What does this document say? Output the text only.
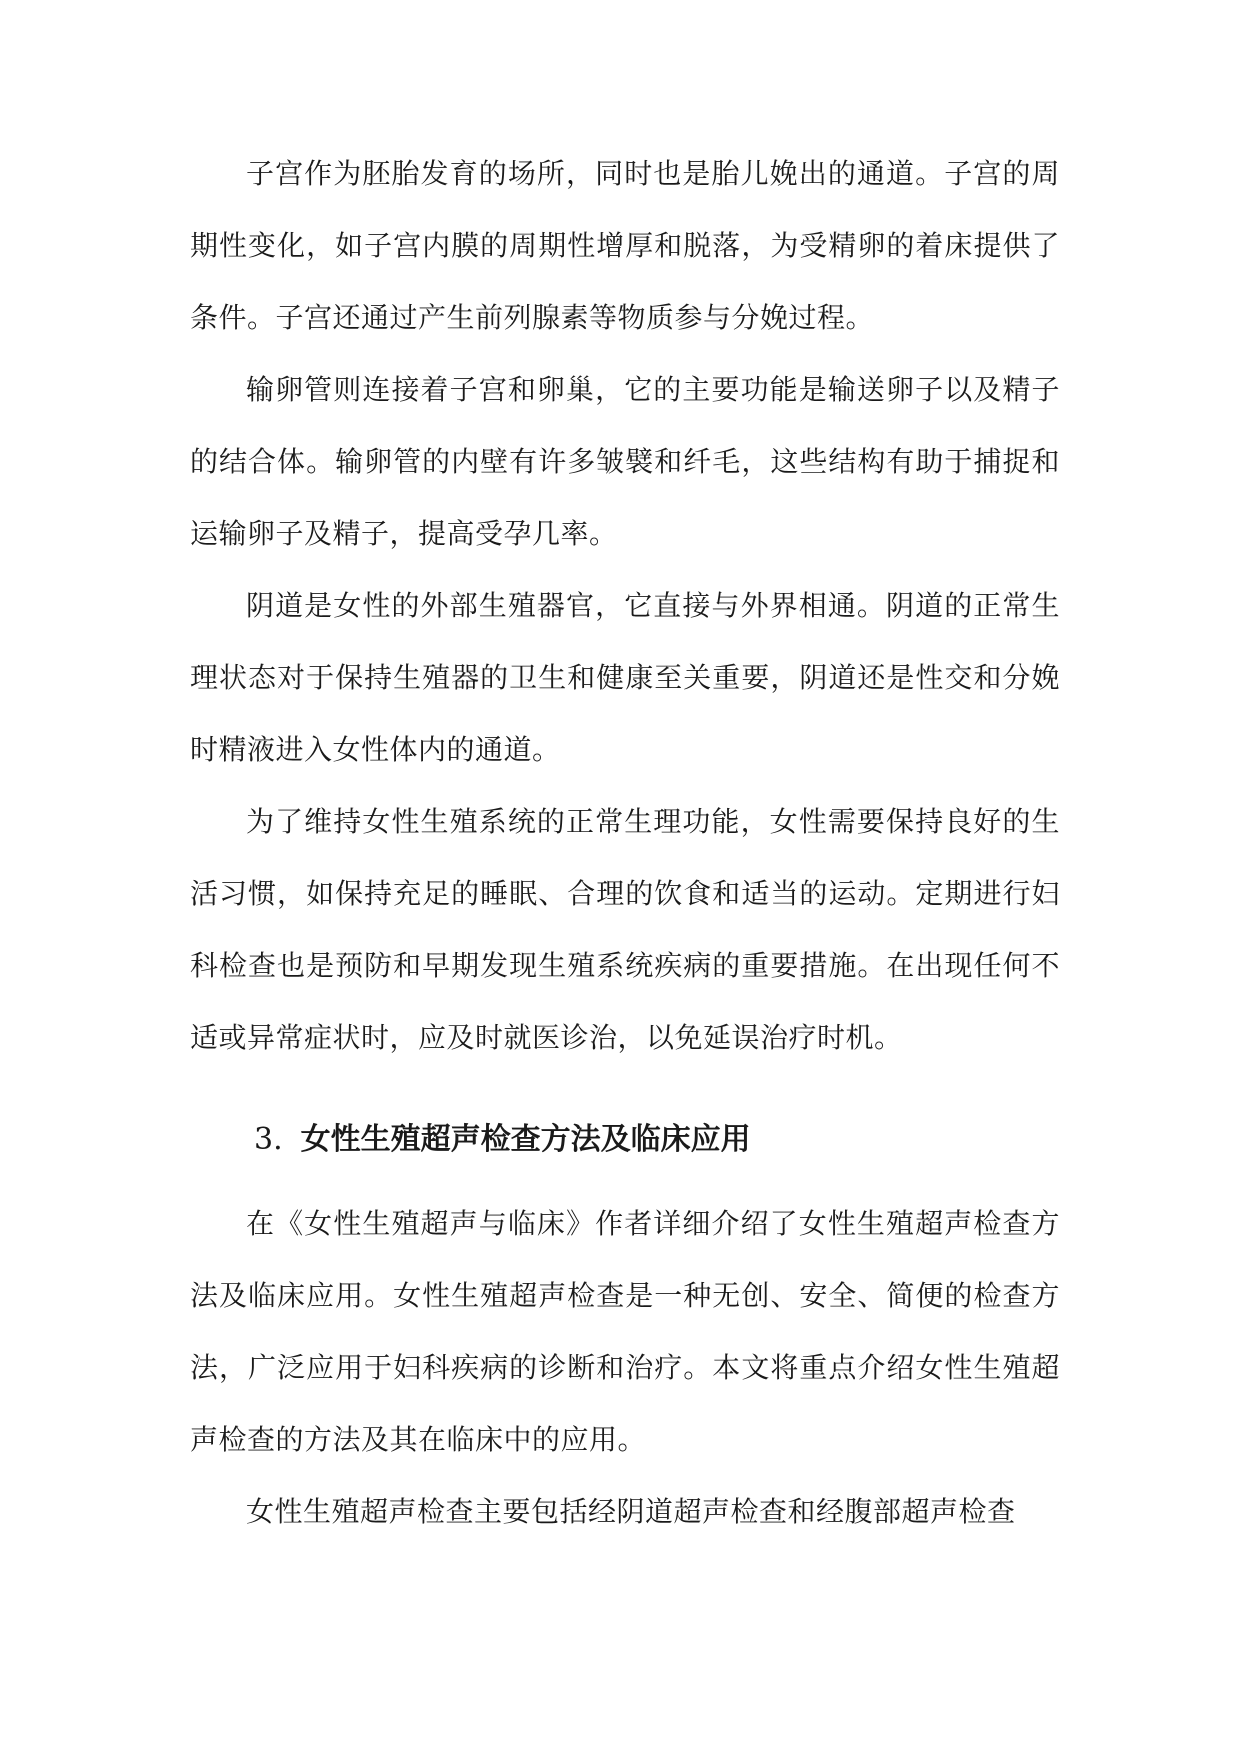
子宫作为胚胎发育的场所，同时也是胎儿娩出的通道。子宫的周期性变化，如子宫内膜的周期性增厚和脱落，为受精卵的着床提供了条件。子宫还通过产生前列腺素等物质参与分娩过程。

输卵管则连接着子宫和卵巢，它的主要功能是输送卵子以及精子的结合体。输卵管的内壁有许多皱襞和纤毛，这些结构有助于捕捉和运输卵子及精子，提高受孕几率。

阴道是女性的外部生殖器官，它直接与外界相通。阴道的正常生理状态对于保持生殖器的卫生和健康至关重要，阴道还是性交和分娩时精液进入女性体内的通道。

为了维持女性生殖系统的正常生理功能，女性需要保持良好的生活习惯，如保持充足的睡眠、合理的饮食和适当的运动。定期进行妇科检查也是预防和早期发现生殖系统疾病的重要措施。在出现任何不适或异常症状时，应及时就医诊治，以免延误治疗时机。

3. 女性生殖超声检查方法及临床应用

在《女性生殖超声与临床》作者详细介绍了女性生殖超声检查方法及临床应用。女性生殖超声检查是一种无创、安全、简便的检查方法，广泛应用于妇科疾病的诊断和治疗。本文将重点介绍女性生殖超声检查的方法及其在临床中的应用。

女性生殖超声检查主要包括经阴道超声检查和经腹部超声检查
